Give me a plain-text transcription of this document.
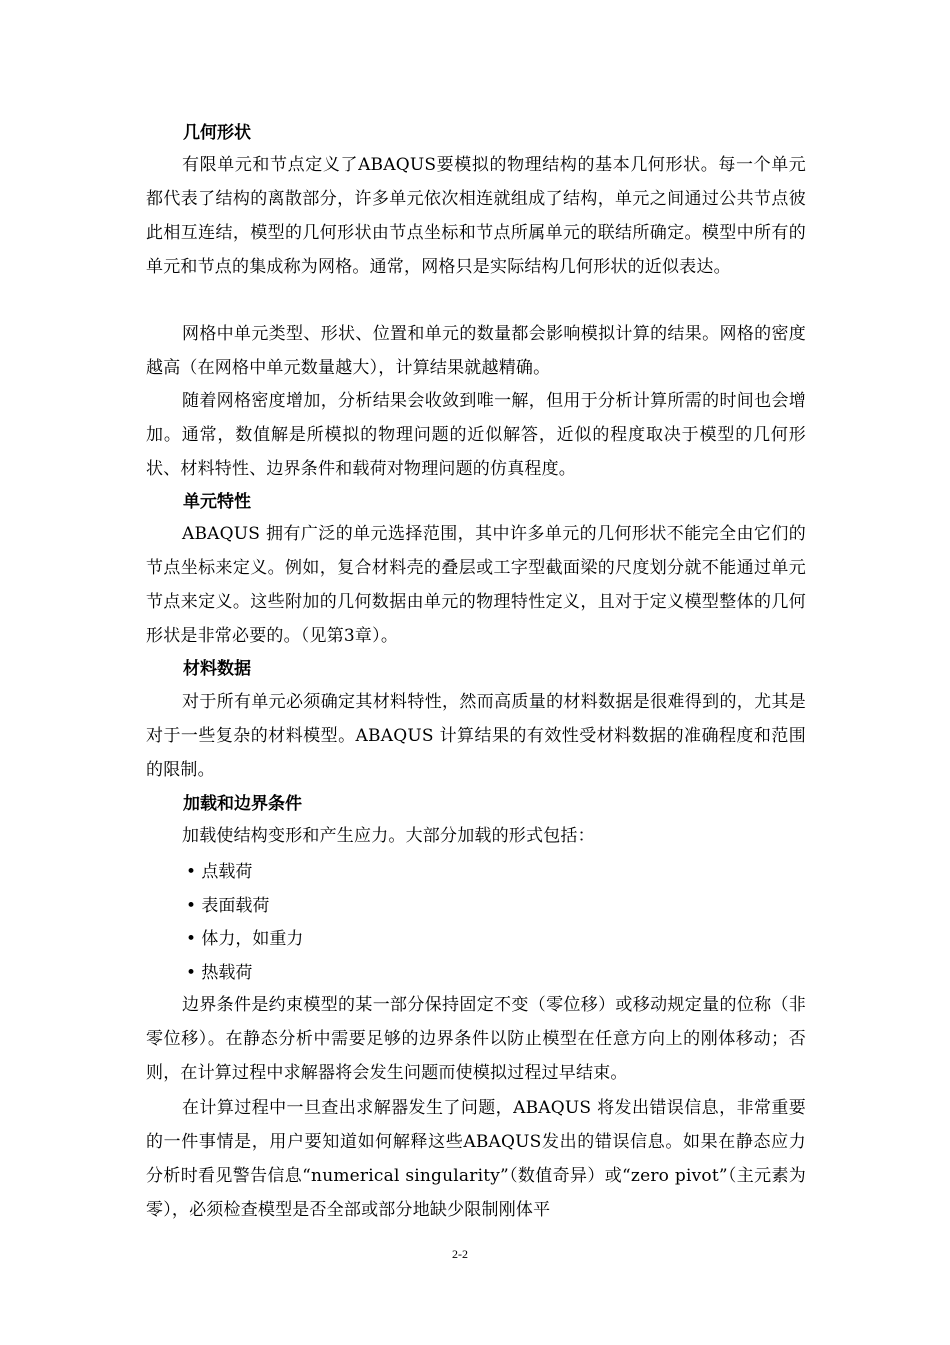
几何形状

有限单元和节点定义了ABAQUS要模拟的物理结构的基本几何形状。每一个单元都代表了结构的离散部分，许多单元依次相连就组成了结构，单元之间通过公共节点彼此相互连结，模型的几何形状由节点坐标和节点所属单元的联结所确定。模型中所有的单元和节点的集成称为网格。通常，网格只是实际结构几何形状的近似表达。

网格中单元类型、形状、位置和单元的数量都会影响模拟计算的结果。网格的密度越高（在网格中单元数量越大），计算结果就越精确。

随着网格密度增加，分析结果会收敛到唯一解，但用于分析计算所需的时间也会增加。通常，数值解是所模拟的物理问题的近似解答，近似的程度取决于模型的几何形状、材料特性、边界条件和载荷对物理问题的仿真程度。

单元特性

ABAQUS 拥有广泛的单元选择范围，其中许多单元的几何形状不能完全由它们的节点坐标来定义。例如，复合材料壳的叠层或工字型截面梁的尺度划分就不能通过单元节点来定义。这些附加的几何数据由单元的物理特性定义，且对于定义模型整体的几何形状是非常必要的。（见第3章）。

材料数据

对于所有单元必须确定其材料特性，然而高质量的材料数据是很难得到的，尤其是对于一些复杂的材料模型。ABAQUS 计算结果的有效性受材料数据的准确程度和范围的限制。

加载和边界条件

加载使结构变形和产生应力。大部分加载的形式包括：

• 点载荷

• 表面载荷

• 体力，如重力

• 热载荷

边界条件是约束模型的某一部分保持固定不变（零位移）或移动规定量的位称（非零位移）。在静态分析中需要足够的边界条件以防止模型在任意方向上的刚体移动；否则，在计算过程中求解器将会发生问题而使模拟过程过早结束。

在计算过程中一旦查出求解器发生了问题，ABAQUS 将发出错误信息，非常重要的一件事情是，用户要知道如何解释这些ABAQUS发出的错误信息。如果在静态应力分析时看见警告信息“numerical singularity”（数值奇异）或“zero pivot”（主元素为零），必须检查模型是否全部或部分地缺少限制刚体平

2-2
